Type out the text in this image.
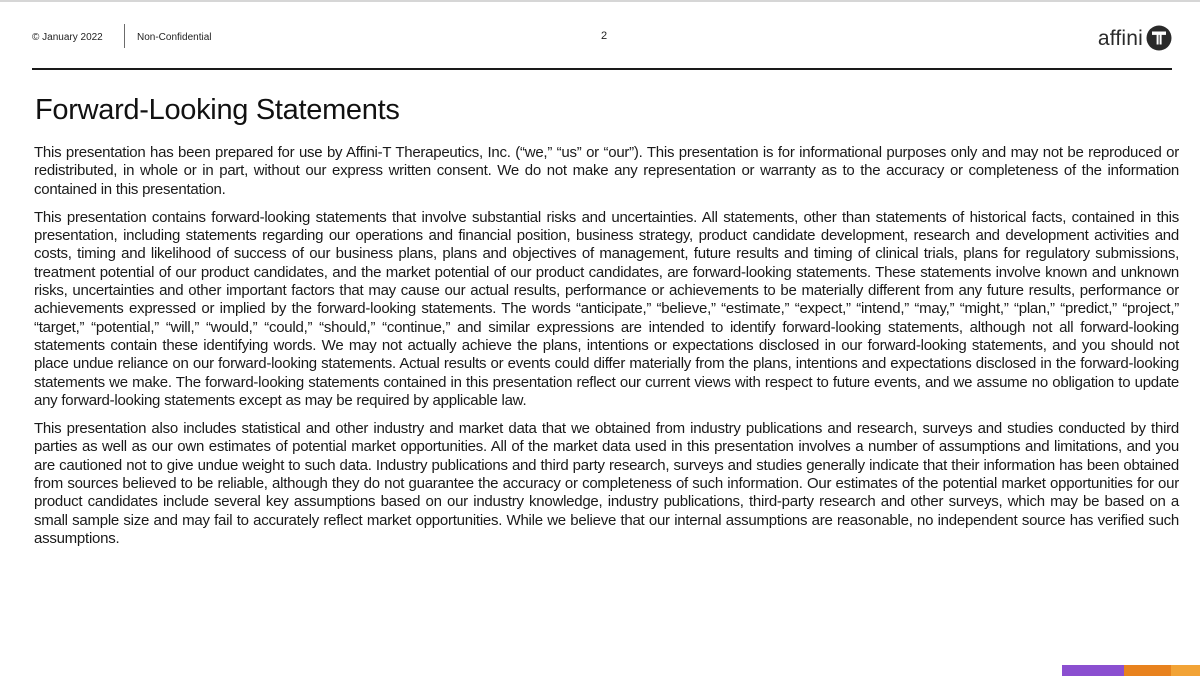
© January 2022	Non-Confidential	2	affini
Forward-Looking Statements

This presentation has been prepared for use by Affini-T Therapeutics, Inc. (“we,” “us” or “our”). This presentation is for informational purposes only and may not be reproduced or redistributed, in whole or in part, without our express written consent. We do not make any representation or warranty as to the accuracy or completeness of the information contained in this presentation.

This presentation contains forward-looking statements that involve substantial risks and uncertainties. All statements, other than statements of historical facts, contained in this presentation, including statements regarding our operations and financial position, business strategy, product candidate development, research and development activities and costs, timing and likelihood of success of our business plans, plans and objectives of management, future results and timing of clinical trials, plans for regulatory submissions, treatment potential of our product candidates, and the market potential of our product candidates, are forward-looking statements. These statements involve known and unknown risks, uncertainties and other important factors that may cause our actual results, performance or achievements to be materially different from any future results, performance or achievements expressed or implied by the forward-looking statements. The words “anticipate,” “believe,” “estimate,” “expect,” “intend,” “may,” “might,” “plan,” “predict,” “project,” “target,” “potential,” “will,” “would,” “could,” “should,” “continue,” and similar expressions are intended to identify forward-looking statements, although not all forward-looking statements contain these identifying words. We may not actually achieve the plans, intentions or expectations disclosed in our forward-looking statements, and you should not place undue reliance on our forward-looking statements. Actual results or events could differ materially from the plans, intentions and expectations disclosed in the forward-looking statements we make. The forward-looking statements contained in this presentation reflect our current views with respect to future events, and we assume no obligation to update any forward-looking statements except as may be required by applicable law.

This presentation also includes statistical and other industry and market data that we obtained from industry publications and research, surveys and studies conducted by third parties as well as our own estimates of potential market opportunities. All of the market data used in this presentation involves a number of assumptions and limitations, and you are cautioned not to give undue weight to such data. Industry publications and third party research, surveys and studies generally indicate that their information has been obtained from sources believed to be reliable, although they do not guarantee the accuracy or completeness of such information. Our estimates of the potential market opportunities for our product candidates include several key assumptions based on our industry knowledge, industry publications, third-party research and other surveys, which may be based on a small sample size and may fail to accurately reflect market opportunities. While we believe that our internal assumptions are reasonable, no independent source has verified such assumptions.
